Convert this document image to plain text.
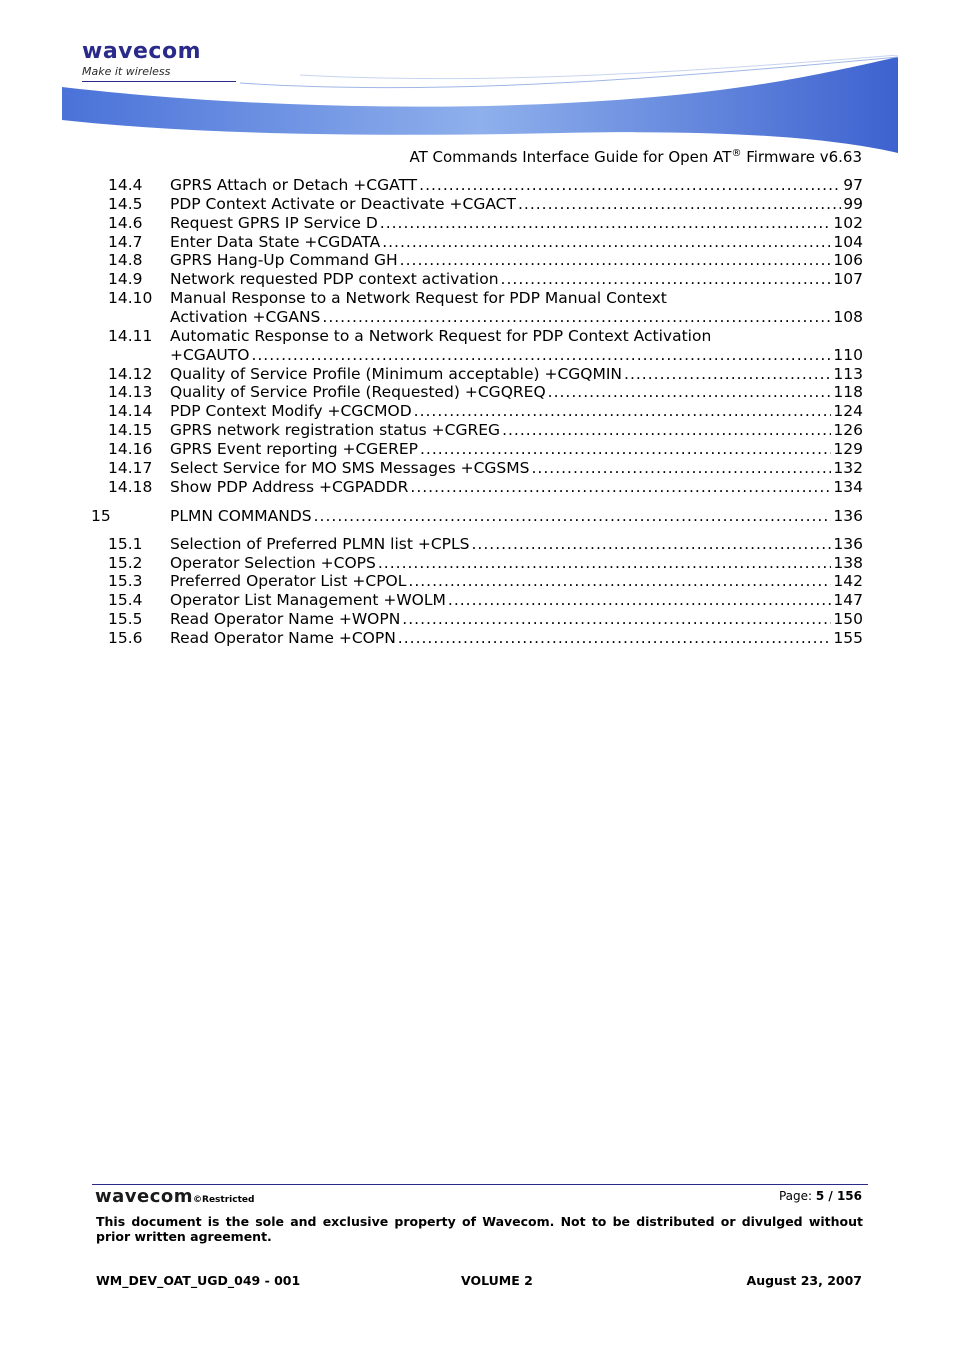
wavecom
Make it wireless
AT Commands Interface Guide for Open AT® Firmware v6.63
14.4 GPRS Attach or Detach +CGATT .....	97
14.5 PDP Context Activate or Deactivate +CGACT .....	99
14.6 Request GPRS IP Service D .....	102
14.7 Enter Data State +CGDATA .....	104
14.8 GPRS Hang-Up Command GH .....	106
14.9 Network requested PDP context activation .....	107
14.10 Manual Response to a Network Request for PDP Manual Context
Activation +CGANS .....	108
14.11 Automatic Response to a Network Request for PDP Context Activation
+CGAUTO .....	110
14.12 Quality of Service Profile (Minimum acceptable) +CGQMIN .....	113
14.13 Quality of Service Profile (Requested) +CGQREQ .....	118
14.14 PDP Context Modify +CGCMOD .....	124
14.15 GPRS network registration status +CGREG .....	126
14.16 GPRS Event reporting +CGEREP .....	129
14.17 Select Service for MO SMS Messages +CGSMS .....	132
14.18 Show PDP Address +CGPADDR .....	134
15	PLMN COMMANDS .....	136
15.1 Selection of Preferred PLMN list +CPLS .....	136
15.2 Operator Selection +COPS .....	138
15.3 Preferred Operator List +CPOL .....	142
15.4 Operator List Management +WOLM .....	147
15.5 Read Operator Name +WOPN .....	150
15.6 Read Operator Name +COPN .....	155
wavecom©Restricted	Page: 5 / 156
This document is the sole and exclusive property of Wavecom. Not to be distributed or divulged without prior written agreement.
WM_DEV_OAT_UGD_049 - 001	VOLUME 2	August 23, 2007
